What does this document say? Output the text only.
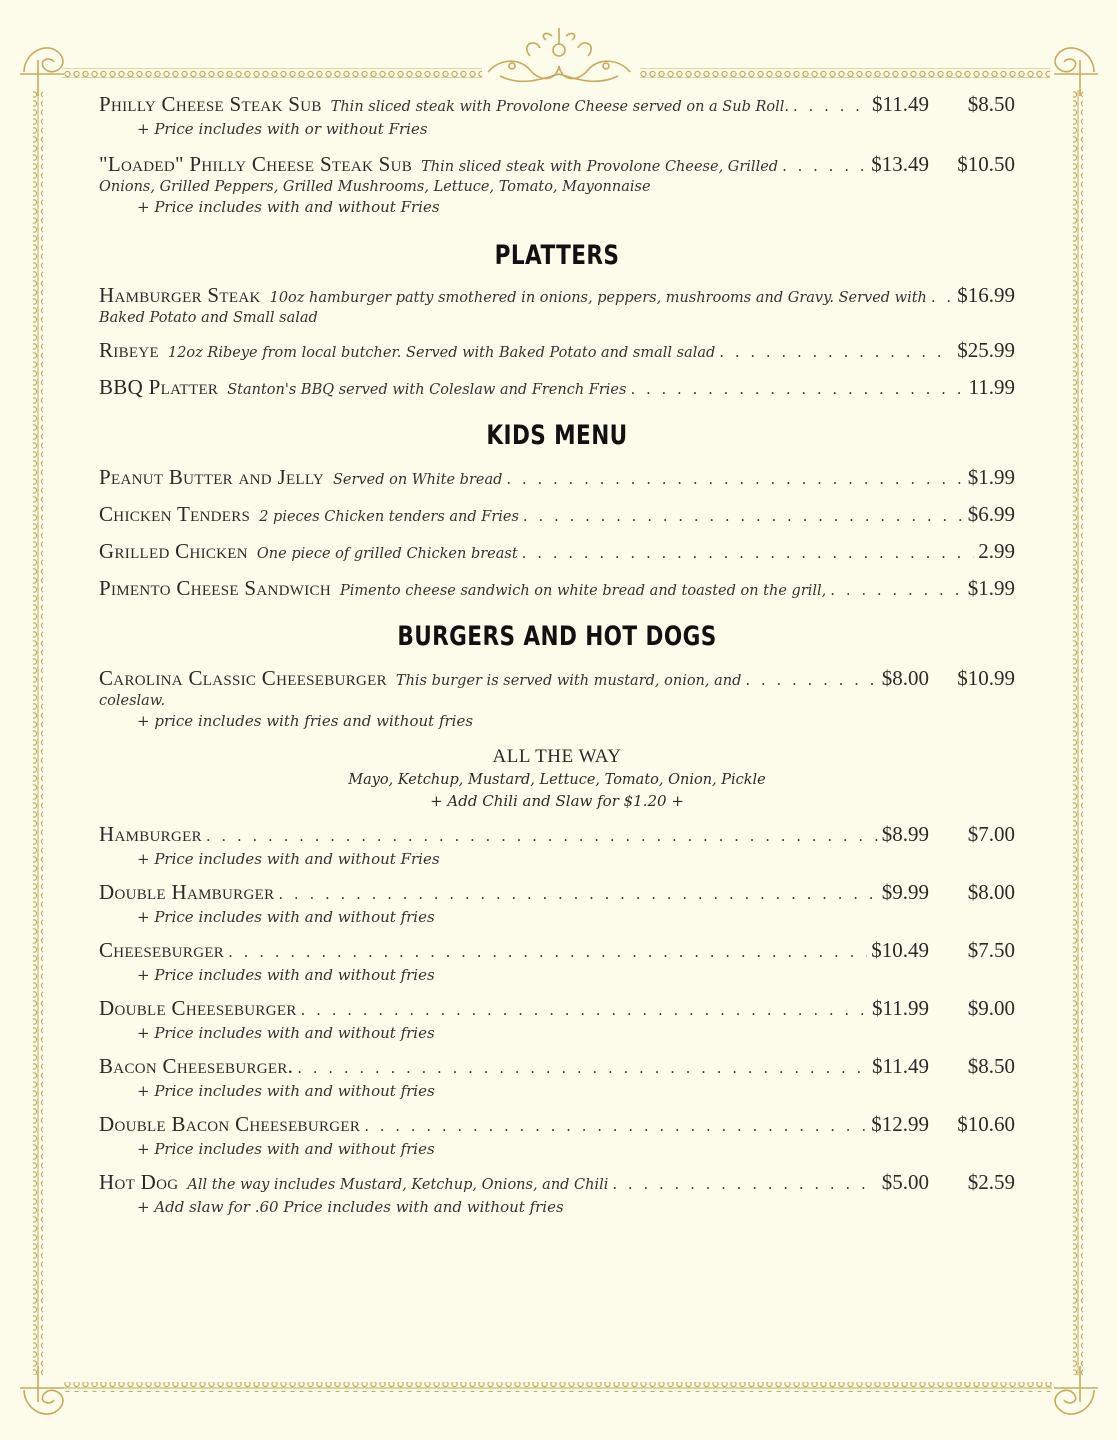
Philly Cheese Steak Sub Thin sliced steak with Provolone Cheese served on a Sub Roll. . . .	$11.49	$8.50
+ Price includes with or without Fries
"Loaded" Philly Cheese Steak Sub Thin sliced steak with Provolone Cheese, Grilled . . .	$13.49	$10.50
Onions, Grilled Peppers, Grilled Mushrooms, Lettuce, Tomato, Mayonnaise
+ Price includes with and without Fries
PLATTERS
Hamburger Steak 10oz hamburger patty smothered in onions, peppers, mushrooms and Gravy. Served with . . . $16.99
Baked Potato and Small salad
Ribeye 12oz Ribeye from local butcher. Served with Baked Potato and small salad . . .	$25.99
BBQ Platter Stanton's BBQ served with Coleslaw and French Fries . . .	11.99
KIDS MENU
Peanut Butter and Jelly Served on White bread . . .	$1.99
Chicken Tenders 2 pieces Chicken tenders and Fries . . .	$6.99
Grilled Chicken One piece of grilled Chicken breast . . .	2.99
Pimento Cheese Sandwich Pimento cheese sandwich on white bread and toasted on the grill, . . .	$1.99
BURGERS AND HOT DOGS
Carolina Classic Cheeseburger This burger is served with mustard, onion, and . . .	$8.00	$10.99
coleslaw.
+ price includes with fries and without fries
ALL THE WAY
Mayo, Ketchup, Mustard, Lettuce, Tomato, Onion, Pickle
+ Add Chili and Slaw for $1.20 +
Hamburger . . .	$8.99	$7.00
+ Price includes with and without Fries
Double Hamburger . . .	$9.99	$8.00
+ Price includes with and without fries
Cheeseburger . . .	$10.49	$7.50
+ Price includes with and without fries
Double Cheeseburger . . .	$11.99	$9.00
+ Price includes with and without fries
Bacon Cheeseburger. . . .	$11.49	$8.50
+ Price includes with and without fries
Double Bacon Cheeseburger . . .	$12.99	$10.60
+ Price includes with and without fries
Hot Dog All the way includes Mustard, Ketchup, Onions, and Chili . . .	$5.00	$2.59
+ Add slaw for .60 Price includes with and without fries
